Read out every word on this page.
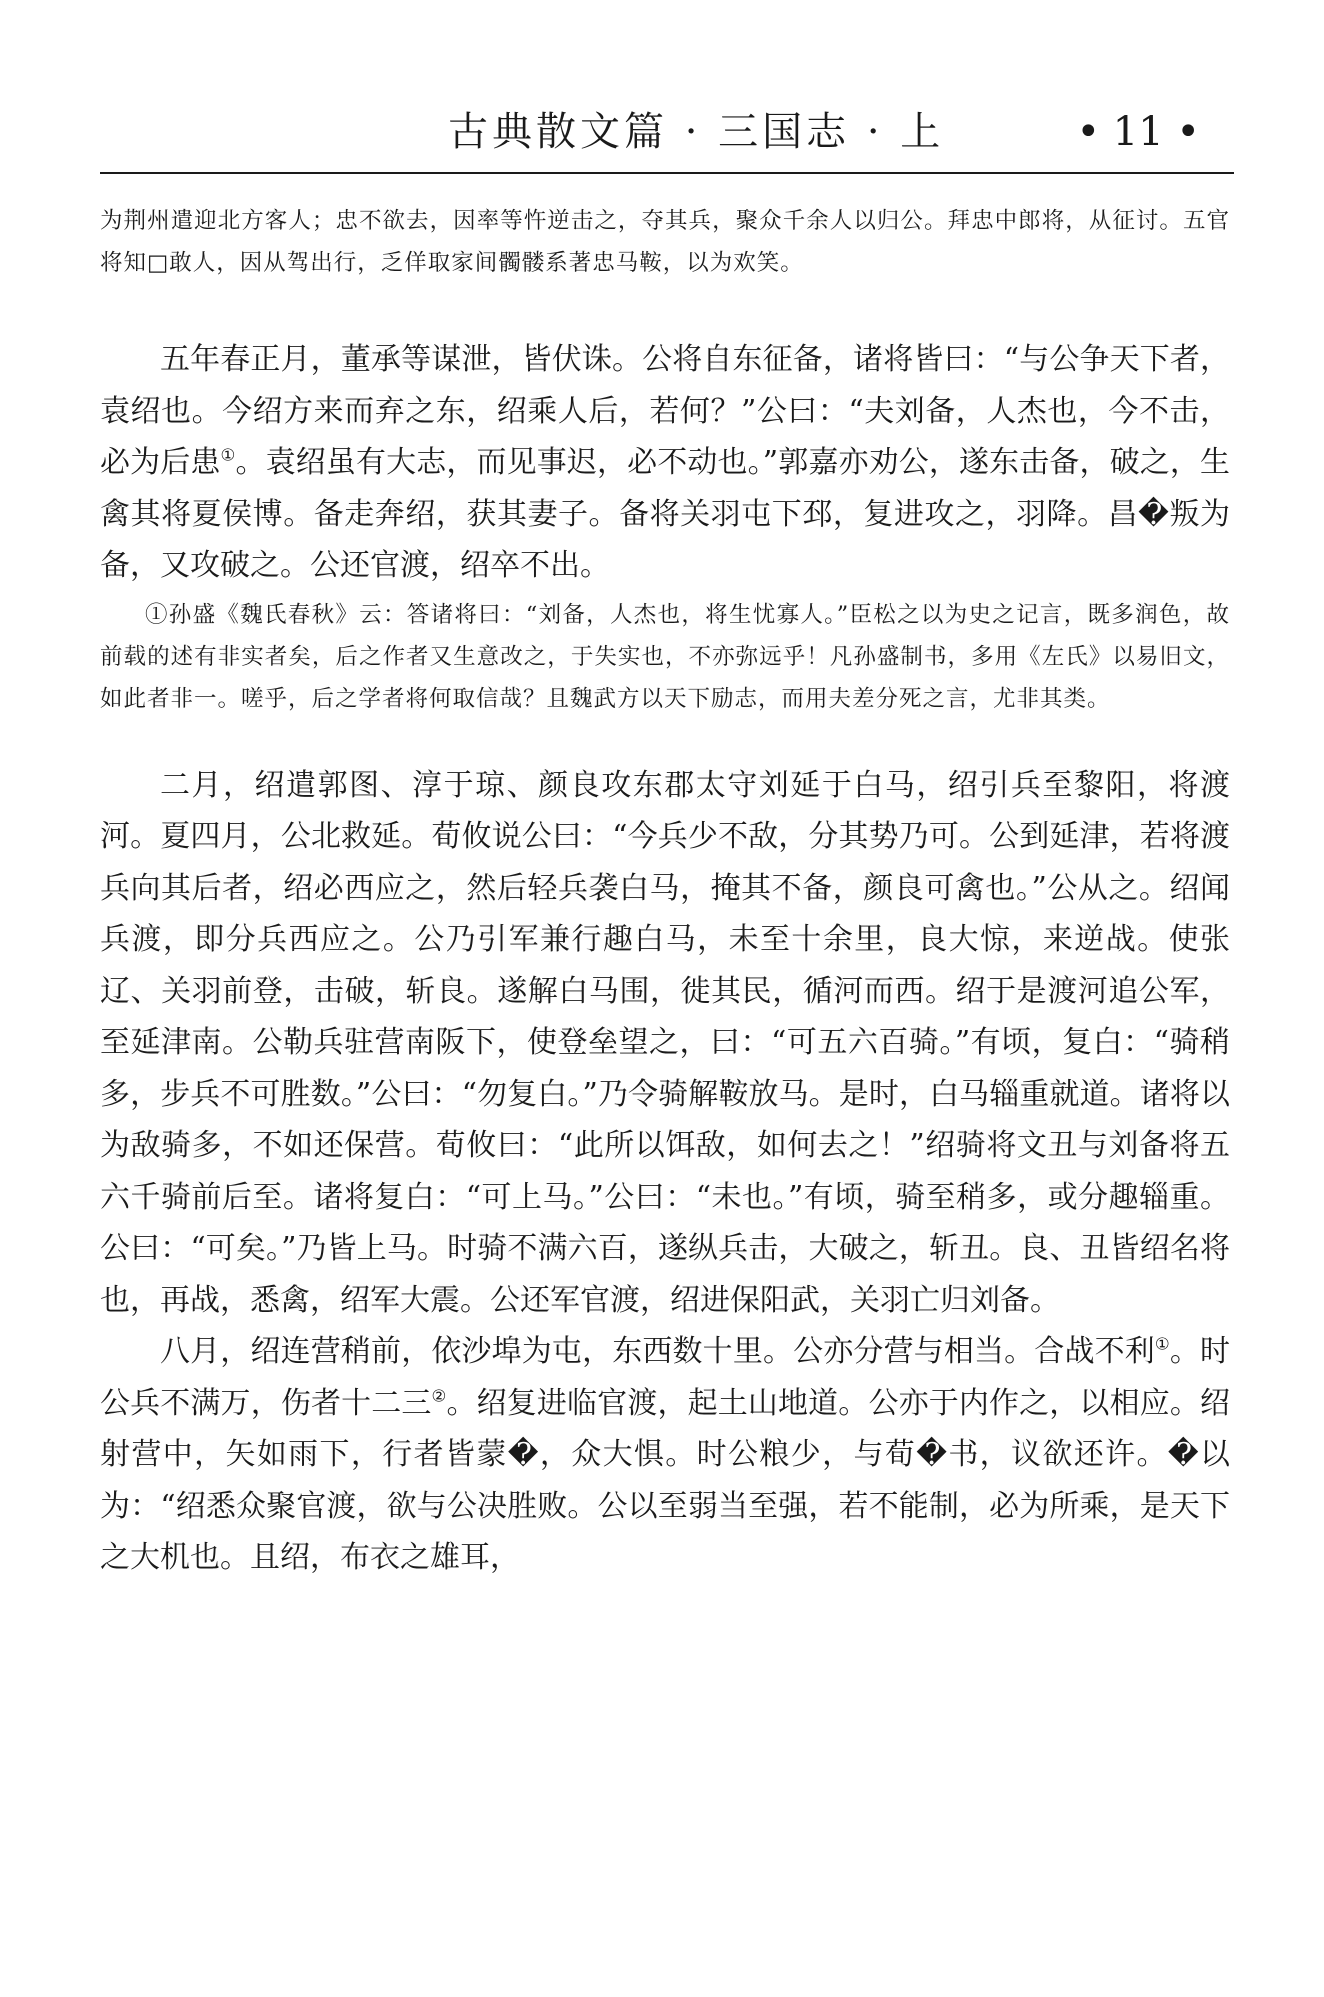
古典散文篇 · 三国志 · 上	• 11 •

为荆州遣迎北方客人；忠不欲去，因率等忤逆击之，夺其兵，聚众千余人以归公。拜忠中郎将，从征讨。五官将知□敢人，因从驾出行，乏佯取家间髑髅系著忠马鞍，以为欢笑。

五年春正月，董承等谋泄，皆伏诛。公将自东征备，诸将皆曰：“与公争天下者，袁绍也。今绍方来而弃之东，绍乘人后，若何？”公曰：“夫刘备，人杰也，今不击，必为后患①。袁绍虽有大志，而见事迟，必不动也。”郭嘉亦劝公，遂东击备，破之，生禽其将夏侯博。备走奔绍，获其妻子。备将关羽屯下邳，复进攻之，羽降。昌�叛为备，又攻破之。公还官渡，绍卒不出。

①孙盛《魏氏春秋》云：答诸将曰：“刘备，人杰也，将生忧寡人。”臣松之以为史之记言，既多润色，故前载的述有非实者矣，后之作者又生意改之，于失实也，不亦弥远乎！凡孙盛制书，多用《左氏》以易旧文，如此者非一。嗟乎，后之学者将何取信哉？且魏武方以天下励志，而用夫差分死之言，尤非其类。

二月，绍遣郭图、淳于琼、颜良攻东郡太守刘延于白马，绍引兵至黎阳，将渡河。夏四月，公北救延。荀攸说公曰：“今兵少不敌，分其势乃可。公到延津，若将渡兵向其后者，绍必西应之，然后轻兵袭白马，掩其不备，颜良可禽也。”公从之。绍闻兵渡，即分兵西应之。公乃引军兼行趣白马，未至十余里，良大惊，来逆战。使张辽、关羽前登，击破，斩良。遂解白马围，徙其民，循河而西。绍于是渡河追公军，至延津南。公勒兵驻营南阪下，使登垒望之，曰：“可五六百骑。”有顷，复白：“骑稍多，步兵不可胜数。”公曰：“勿复白。”乃令骑解鞍放马。是时，白马辎重就道。诸将以为敌骑多，不如还保营。荀攸曰：“此所以饵敌，如何去之！”绍骑将文丑与刘备将五六千骑前后至。诸将复白：“可上马。”公曰：“未也。”有顷，骑至稍多，或分趣辎重。公曰：“可矣。”乃皆上马。时骑不满六百，遂纵兵击，大破之，斩丑。良、丑皆绍名将也，再战，悉禽，绍军大震。公还军官渡，绍进保阳武，关羽亡归刘备。

八月，绍连营稍前，依沙埠为屯，东西数十里。公亦分营与相当。合战不利①。时公兵不满万，伤者十二三②。绍复进临官渡，起土山地道。公亦于内作之，以相应。绍射营中，矢如雨下，行者皆蒙�，众大惧。时公粮少，与荀�书，议欲还许。�以为：“绍悉众聚官渡，欲与公决胜败。公以至弱当至强，若不能制，必为所乘，是天下之大机也。且绍，布衣之雄耳，
